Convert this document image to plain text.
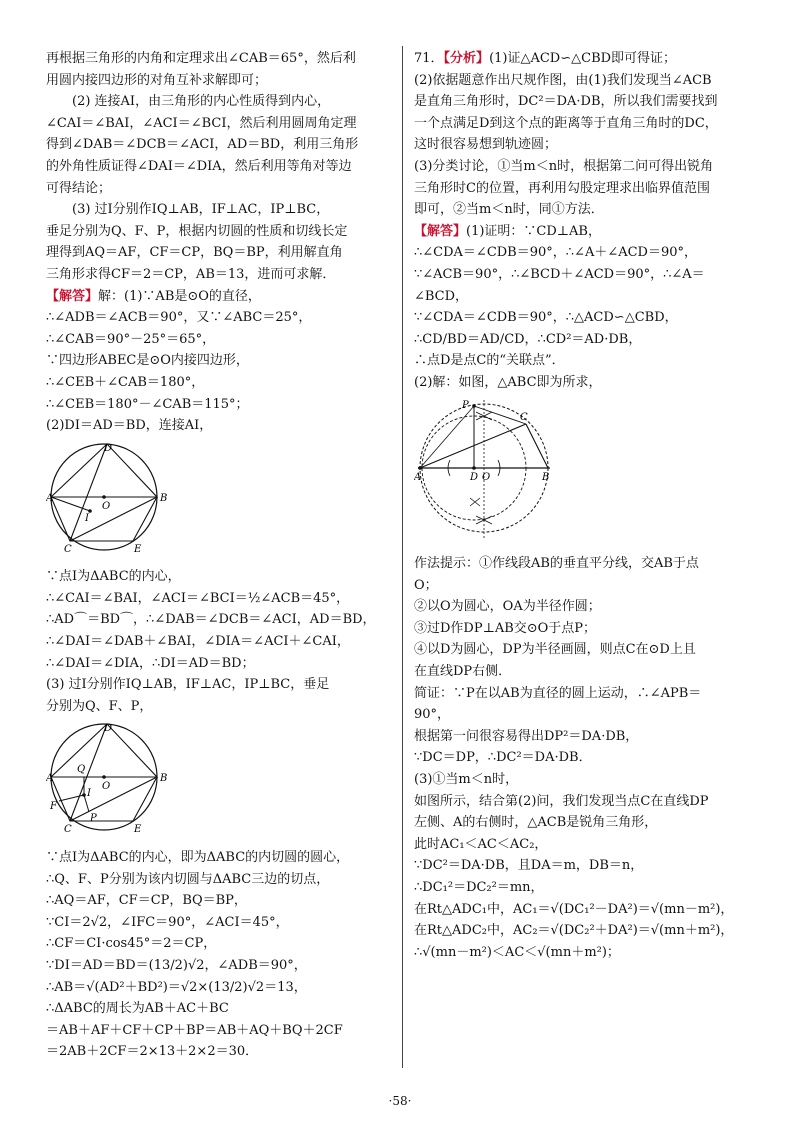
再根据三角形的内角和定理求出∠CAB＝65°，然后利
用圆内接四边形的对角互补求解即可；
(2) 连接AI，由三角形的内心性质得到内心，
∠CAI＝∠BAI，∠ACI＝∠BCI，然后利用圆周角定理
得到∠DAB＝∠DCB＝∠ACI，AD＝BD，利用三角形
的外角性质证得∠DAI＝∠DIA，然后利用等角对等边
可得结论；
(3) 过I分别作IQ⊥AB，IF⊥AC，IP⊥BC，
垂足分别为Q、F、P，根据内切圆的性质和切线长定
理得到AQ＝AF，CF＝CP，BQ＝BP，利用解直角
三角形求得CF＝2＝CP，AB＝13，进而可求解．
【解答】解：(1)∵AB是⊙O的直径，
∴∠ADB＝∠ACB＝90°，又∵∠ABC＝25°，
∴∠CAB＝90°－25°＝65°，
∵四边形ABEC是⊙O内接四边形，
∴∠CEB＋∠CAB＝180°，
∴∠CEB＝180°－∠CAB＝115°；
(2)DI＝AD＝BD，连接AI，
D
A	B
O
I
C	E
∵点I为ΔABC的内心，
∴∠CAI＝∠BAI，∠ACI＝∠BCI＝½∠ACB＝45°，
∴AD⌒＝BD⌒，∴∠DAB＝∠DCB＝∠ACI，AD＝BD，
∴∠DAI＝∠DAB＋∠BAI，∠DIA＝∠ACI＋∠CAI，
∴∠DAI＝∠DIA，∴DI＝AD＝BD；
(3) 过I分别作IQ⊥AB，IF⊥AC，IP⊥BC，垂足
分别为Q、F、P，
D
A	B
Q
O
I
F
P
C	E
∵点I为ΔABC的内心，即为ΔABC的内切圆的圆心，
∴Q、F、P分别为该内切圆与ΔABC三边的切点，
∴AQ＝AF，CF＝CP，BQ＝BP，
∵CI＝2√2，∠IFC＝90°，∠ACI＝45°，
∴CF＝CI·cos45°＝2＝CP，
∵DI＝AD＝BD＝(13/2)√2，∠ADB＝90°，
∴AB＝√(AD²＋BD²)＝√2×(13/2)√2＝13，
∴ΔABC的周长为AB＋AC＋BC
＝AB＋AF＋CF＋CP＋BP＝AB＋AQ＋BQ＋2CF
＝2AB＋2CF＝2×13＋2×2＝30．
71．【分析】(1)证△ACD∽△CBD即可得证；
(2)依据题意作出尺规作图，由(1)我们发现当∠ACB
是直角三角形时，DC²＝DA·DB，所以我们需要找到
一个点满足D到这个点的距离等于直角三角时的DC，
这时很容易想到轨迹圆；
(3)分类讨论，①当m＜n时，根据第二问可得出锐角
三角形时C的位置，再利用勾股定理求出临界值范围
即可，②当m＜n时，同①方法．
【解答】(1)证明：∵CD⊥AB，
∴∠CDA＝∠CDB＝90°，∴∠A＋∠ACD＝90°，
∵∠ACB＝90°，∴∠BCD＋∠ACD＝90°，∴∠A＝
∠BCD，
∵∠CDA＝∠CDB＝90°，∴△ACD∽△CBD，
∴CD/BD＝AD/CD，∴CD²＝AD·DB，
∴点D是点C的“关联点”．
(2)解：如图，△ABC即为所求，
P
C
A	B
D O
作法提示：①作线段AB的垂直平分线，交AB于点
O；
②以O为圆心，OA为半径作圆；
③过D作DP⊥AB交⊙O于点P；
④以D为圆心，DP为半径画圆，则点C在⊙D上且
在直线DP右侧．
简证：∵P在以AB为直径的圆上运动，∴∠APB＝
90°，
根据第一问很容易得出DP²＝DA·DB，
∵DC＝DP，∴DC²＝DA·DB．
(3)①当m＜n时，
如图所示，结合第(2)问，我们发现当点C在直线DP
左侧、A的右侧时，△ACB是锐角三角形，
此时AC₁＜AC＜AC₂，
∵DC²＝DA·DB，且DA＝m，DB＝n，
∴DC₁²＝DC₂²＝mn，
在Rt△ADC₁中，AC₁＝√(DC₁²－DA²)＝√(mn－m²)，
在Rt△ADC₂中，AC₂＝√(DC₂²＋DA²)＝√(mn＋m²)，
∴√(mn－m²)＜AC＜√(mn＋m²)；
·58·
